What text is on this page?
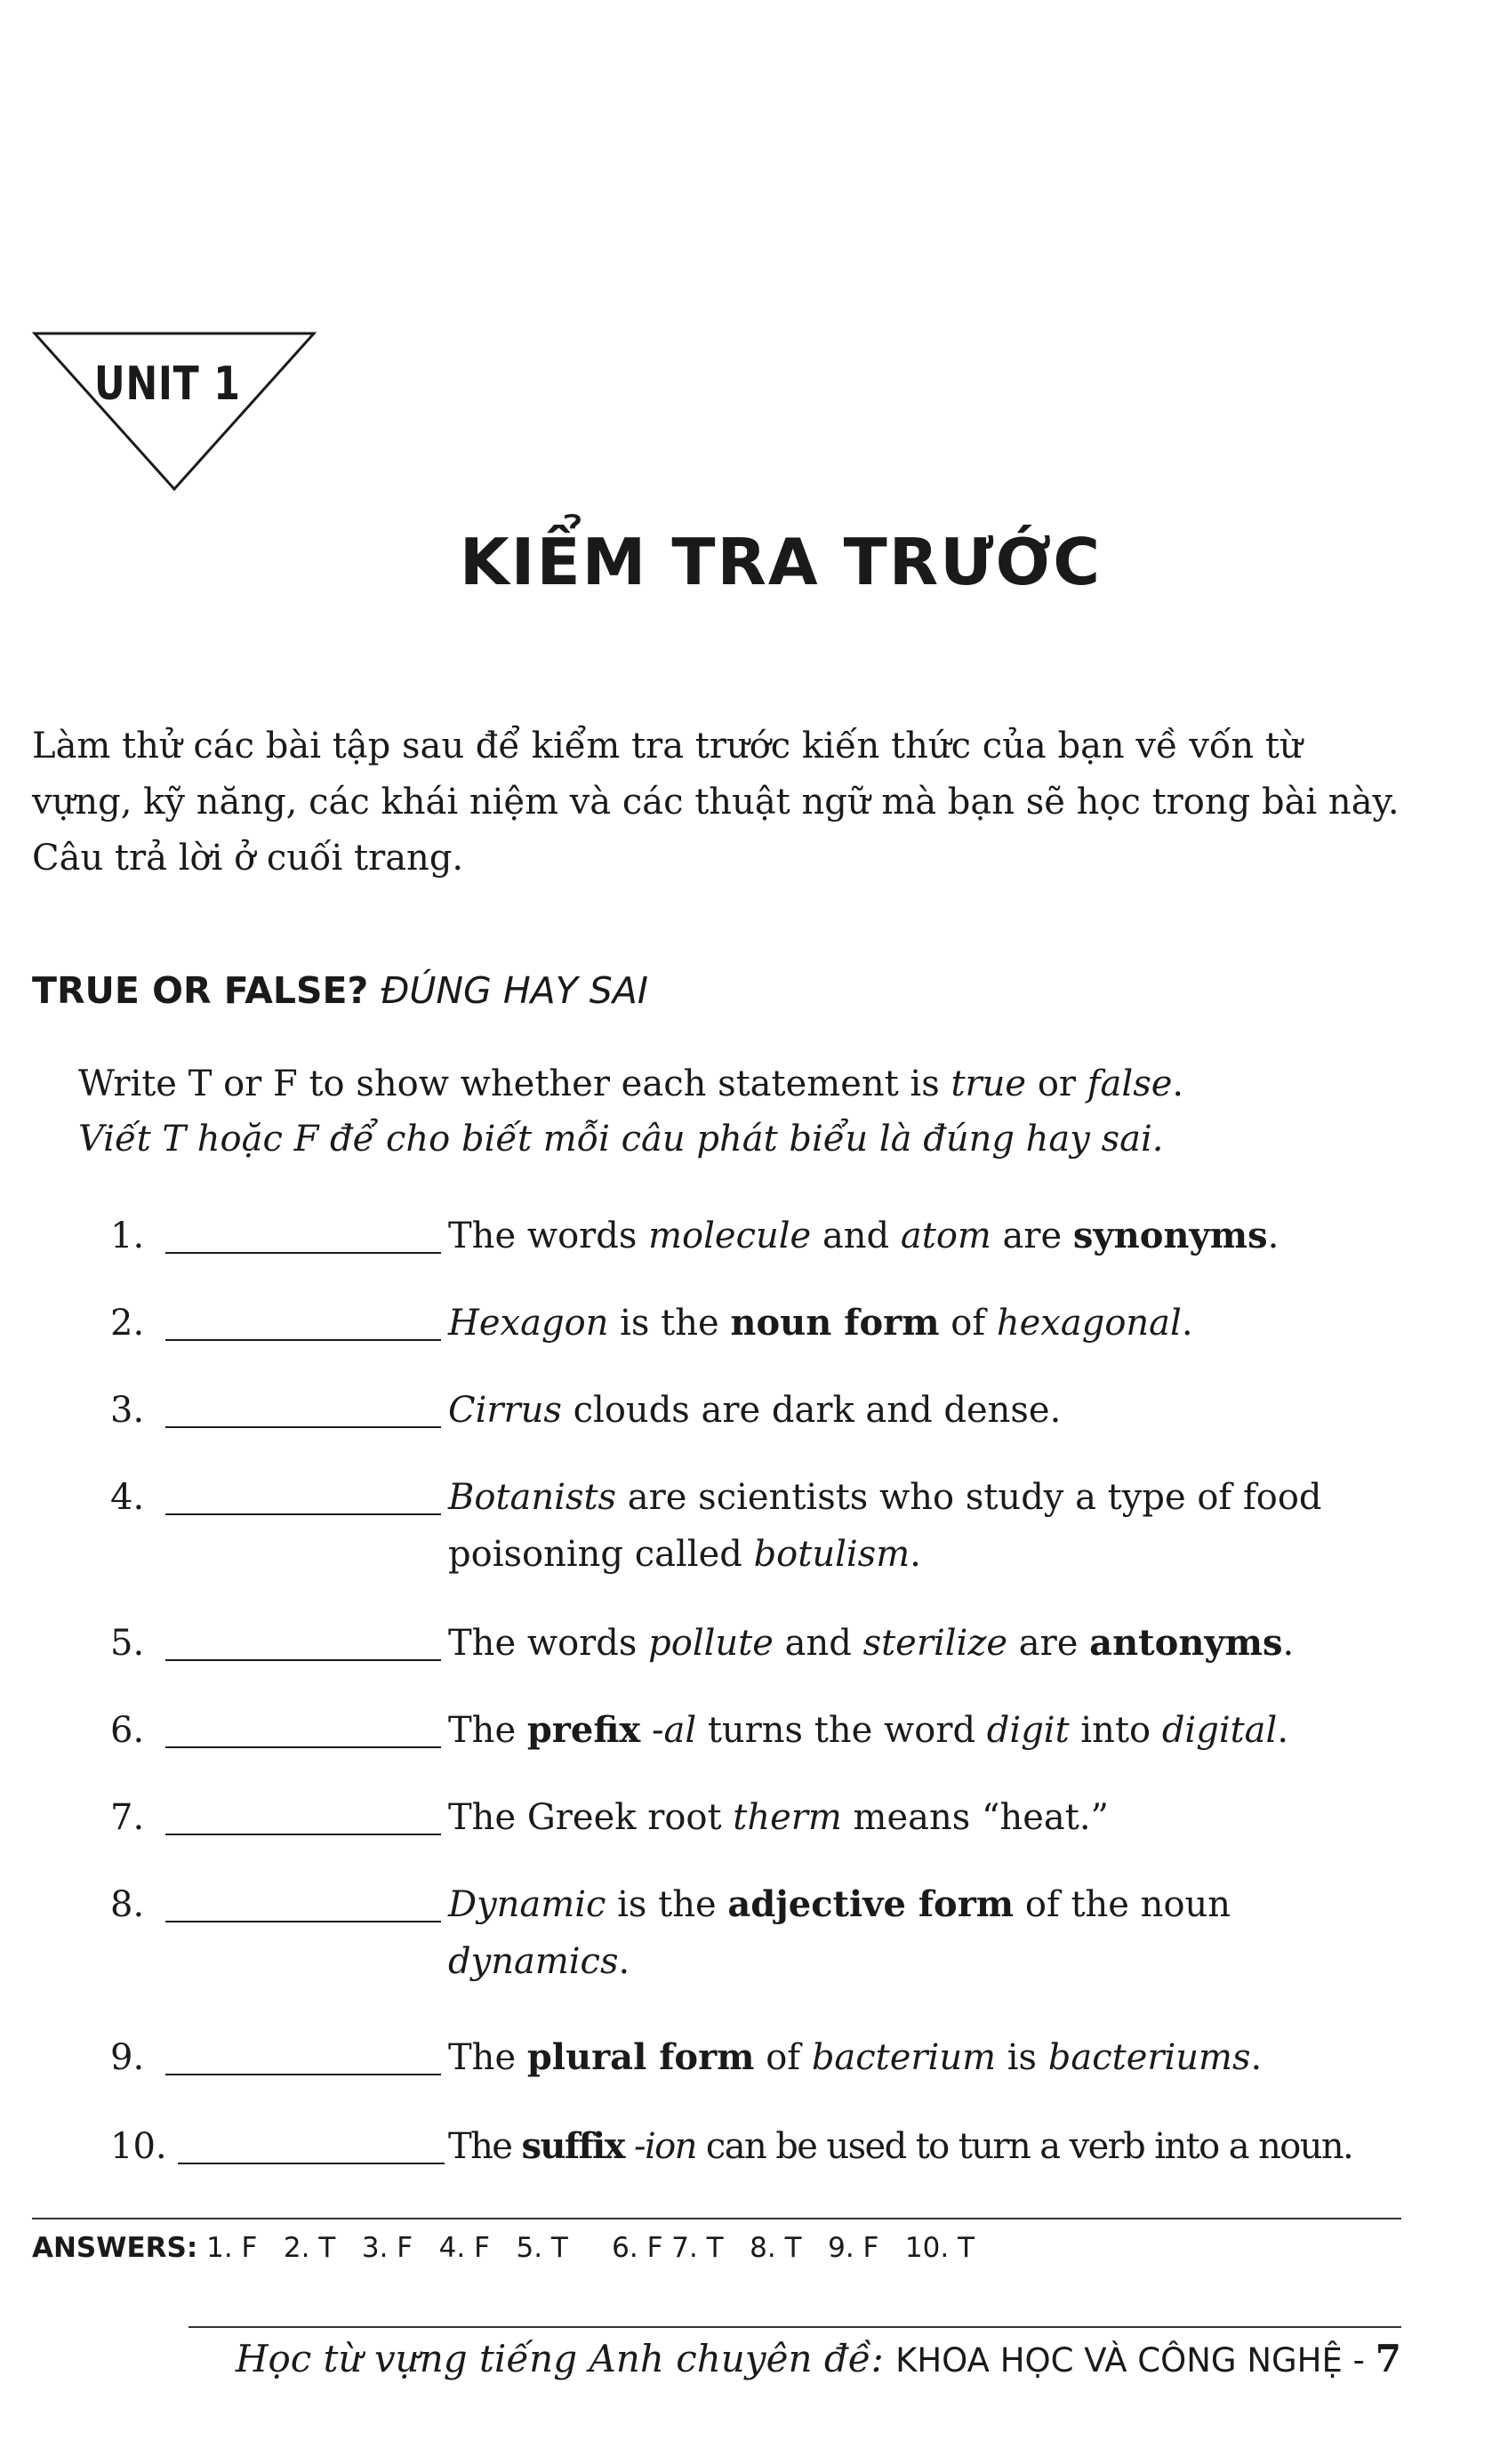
UNIT 1
KIỂM TRA TRƯỚC
Làm thử các bài tập sau để kiểm tra trước kiến thức của bạn về vốn từ vựng, kỹ năng, các khái niệm và các thuật ngữ mà bạn sẽ học trong bài này. Câu trả lời ở cuối trang.
TRUE OR FALSE? ĐÚNG HAY SAI
Write T or F to show whether each statement is true or false.
Viết T hoặc F để cho biết mỗi câu phát biểu là đúng hay sai.
1.	The words molecule and atom are synonyms.
2.	Hexagon is the noun form of hexagonal.
3.	Cirrus clouds are dark and dense.
4.	Botanists are scientists who study a type of food poisoning called botulism.
5.	The words pollute and sterilize are antonyms.
6.	The prefix -al turns the word digit into digital.
7.	The Greek root therm means “heat.”
8.	Dynamic is the adjective form of the noun dynamics.
9.	The plural form of bacterium is bacteriums.
10.	The suffix -ion can be used to turn a verb into a noun.
ANSWERS: 1. F   2. T   3. F   4. F   5. T     6. F 7. T   8. T   9. F   10. T
Học từ vựng tiếng Anh chuyên đề: KHOA HỌC VÀ CÔNG NGHỆ - 7
